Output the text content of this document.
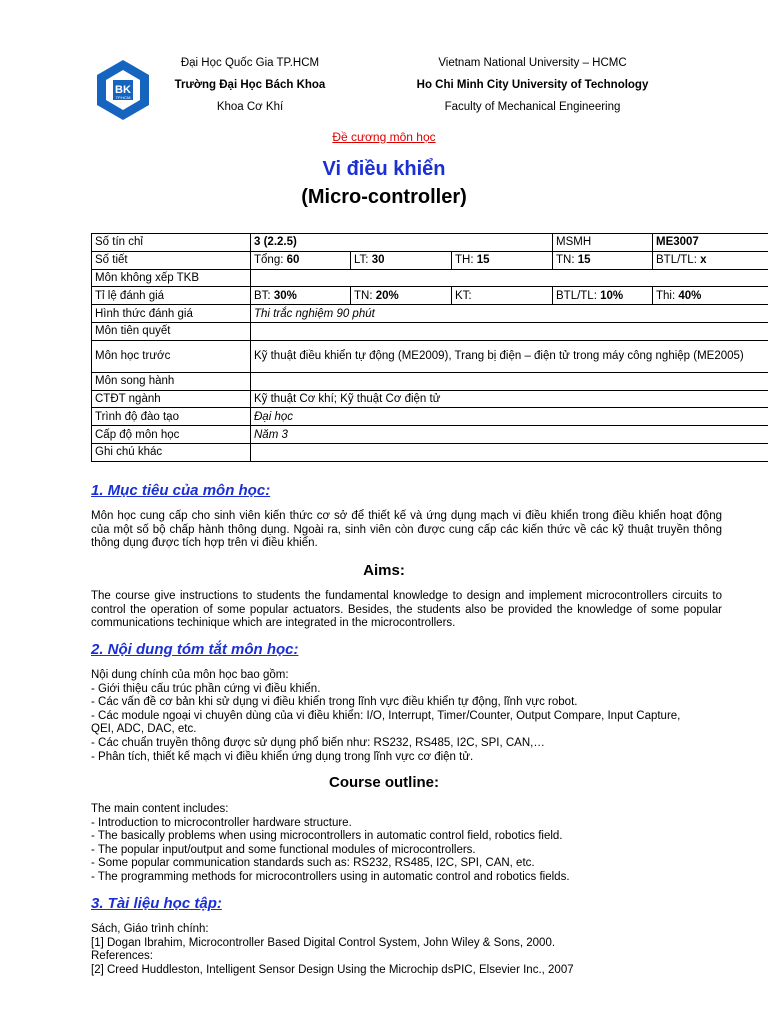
BK
TP.HCM
Đại Học Quốc Gia TP.HCM
Trường Đại Học Bách Khoa
Khoa Cơ Khí
Vietnam National University – HCMC
Ho Chi Minh City University of Technology
Faculty of Mechanical Engineering
Đề cương môn học
Vi điều khiển
(Micro-controller)
Số tín chỉ	3 (2.2.5)			MSMH	ME3007
Số tiết	Tổng: 60	LT: 30	TH: 15	TN: 15	BTL/TL: x
Môn không xếp TKB					
Tỉ lệ đánh giá	BT: 30%	TN: 20%	KT:	BTL/TL: 10%	Thi: 40%
Hình thức đánh giá	Thi trắc nghiệm 90 phút				
Môn tiên quyết					
Môn học trước	Kỹ thuật điều khiển tự động (ME2009), Trang bị điện – điện tử trong máy công nghiệp (ME2005)				
Môn song hành					
CTĐT ngành	Kỹ thuật Cơ khí; Kỹ thuật Cơ điện tử				
Trình độ đào tạo	Đại học				
Cấp độ môn học	Năm 3				
Ghi chú khác					
1. Mục tiêu của môn học:
Môn học cung cấp cho sinh viên kiến thức cơ sở để thiết kế và ứng dụng mạch vi điều khiển trong điều khiển hoạt động của một số bộ chấp hành thông dụng. Ngoài ra, sinh viên còn được cung cấp các kiến thức về các kỹ thuật truyền thông thông dụng được tích hợp trên vi điều khiển.
Aims:
The course give instructions to students the fundamental knowledge to design and implement microcontrollers circuits to control the operation of some popular actuators. Besides, the students also be provided the knowledge of some popular communications techinique which are integrated in the microcontrollers.
2. Nội dung tóm tắt môn học:
Nội dung chính của môn học bao gồm:
- Giới thiệu cấu trúc phần cứng vi điều khiển.
- Các vấn đề cơ bản khi sử dụng vi điều khiển trong lĩnh vực điều khiển tự động, lĩnh vực robot.
- Các module ngoại vi chuyên dùng của vi điều khiển: I/O, Interrupt, Timer/Counter, Output Compare, Input Capture,
QEI, ADC, DAC, etc.
- Các chuẩn truyền thông được sử dụng phổ biến như: RS232, RS485, I2C, SPI, CAN,…
- Phân tích, thiết kế mạch vi điều khiển ứng dụng trong lĩnh vực cơ điện tử.
Course outline:
The main content includes:
- Introduction to microcontroller hardware structure.
- The basically problems when using microcontrollers in automatic control field, robotics field.
- The popular input/output and some functional modules of microcontrollers.
- Some popular communication standards such as: RS232, RS485, I2C, SPI, CAN, etc.
- The programming methods for microcontrollers using in automatic control and robotics fields.
3. Tài liệu học tập:
Sách, Giáo trình chính:
[1] Dogan Ibrahim, Microcontroller Based Digital Control System, John Wiley & Sons, 2000.
References:
[2] Creed Huddleston, Intelligent Sensor Design Using the Microchip dsPIC, Elsevier Inc., 2007
